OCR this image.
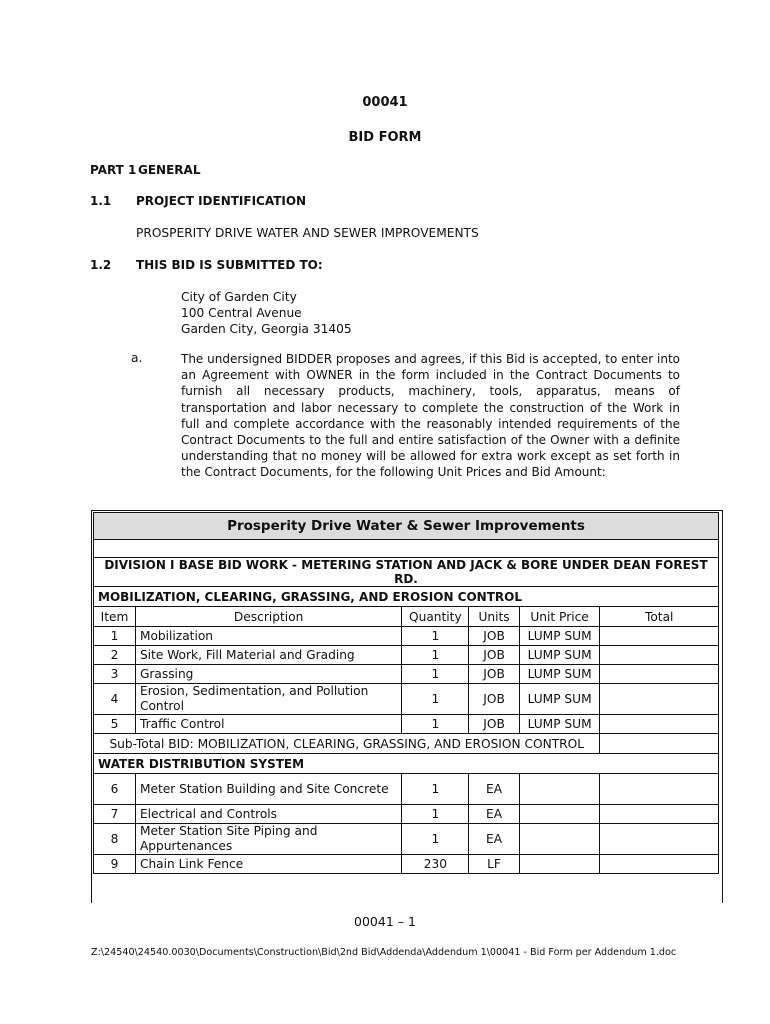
00041
BID FORM
PART 1 GENERAL
1.1 PROJECT IDENTIFICATION
PROSPERITY DRIVE WATER AND SEWER IMPROVEMENTS
1.2 THIS BID IS SUBMITTED TO:
City of Garden City
100 Central Avenue
Garden City, Georgia 31405
a.	The undersigned BIDDER proposes and agrees, if this Bid is accepted, to enter into an Agreement with OWNER in the form included in the Contract Documents to furnish all necessary products, machinery, tools, apparatus, means of transportation and labor necessary to complete the construction of the Work in full and complete accordance with the reasonably intended requirements of the Contract Documents to the full and entire satisfaction of the Owner with a definite understanding that no money will be allowed for extra work except as set forth in the Contract Documents, for the following Unit Prices and Bid Amount:
Prosperity Drive Water & Sewer Improvements					

DIVISION I BASE BID WORK - METERING STATION AND JACK & BORE UNDER DEAN FOREST RD.					
MOBILIZATION, CLEARING, GRASSING, AND EROSION CONTROL					
Item	Description	Quantity	Units	Unit Price	Total
1	Mobilization	1	JOB	LUMP SUM	
2	Site Work, Fill Material and Grading	1	JOB	LUMP SUM	
3	Grassing	1	JOB	LUMP SUM	
4	Erosion, Sedimentation, and Pollution Control	1	JOB	LUMP SUM	
5	Traffic Control	1	JOB	LUMP SUM	
Sub-Total BID: MOBILIZATION, CLEARING, GRASSING, AND EROSION CONTROL					
WATER DISTRIBUTION SYSTEM					
6	Meter Station Building and Site Concrete	1	EA		
7	Electrical and Controls	1	EA		
8	Meter Station Site Piping and Appurtenances	1	EA		
9	Chain Link Fence	230	LF		
00041 – 1
Z:\24540\24540.0030\Documents\Construction\Bid\2nd Bid\Addenda\Addendum 1\00041 - Bid Form per Addendum 1.doc
